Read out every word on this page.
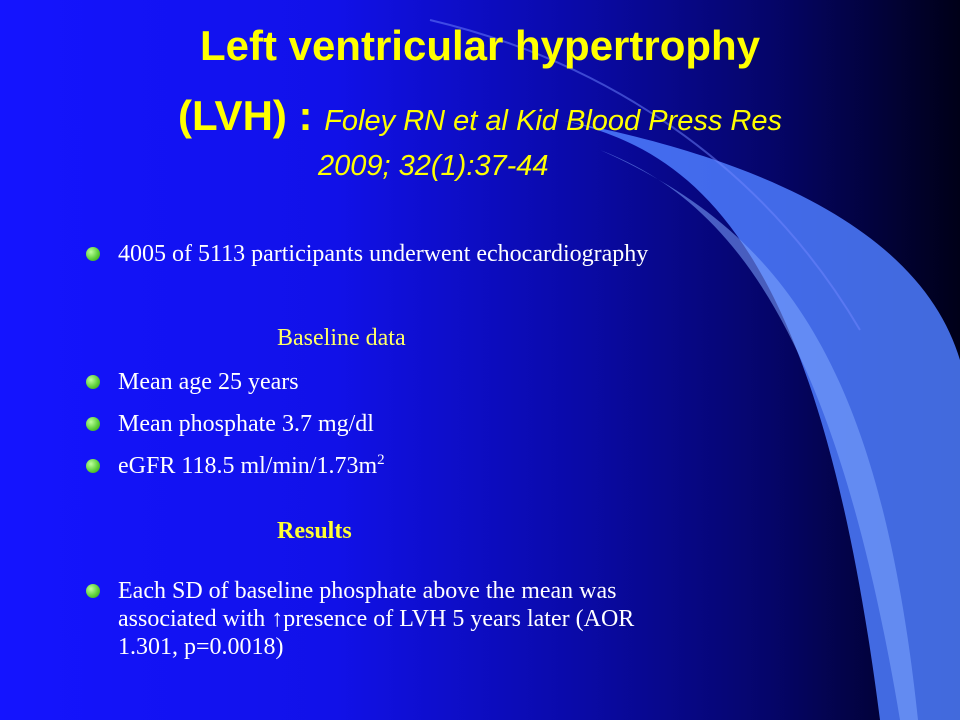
Left ventricular hypertrophy
(LVH) : Foley RN et al Kid Blood Press Res
2009; 32(1):37-44
4005 of 5113 participants underwent echocardiography
Baseline data
Mean age 25 years
Mean phosphate 3.7 mg/dl
eGFR 118.5 $ml/\min/1.73m^2$
Results
Each SD of baseline phosphate above the mean was
associated with ↑presence of LVH 5 years later (AOR
1.301, p=0.0018)
